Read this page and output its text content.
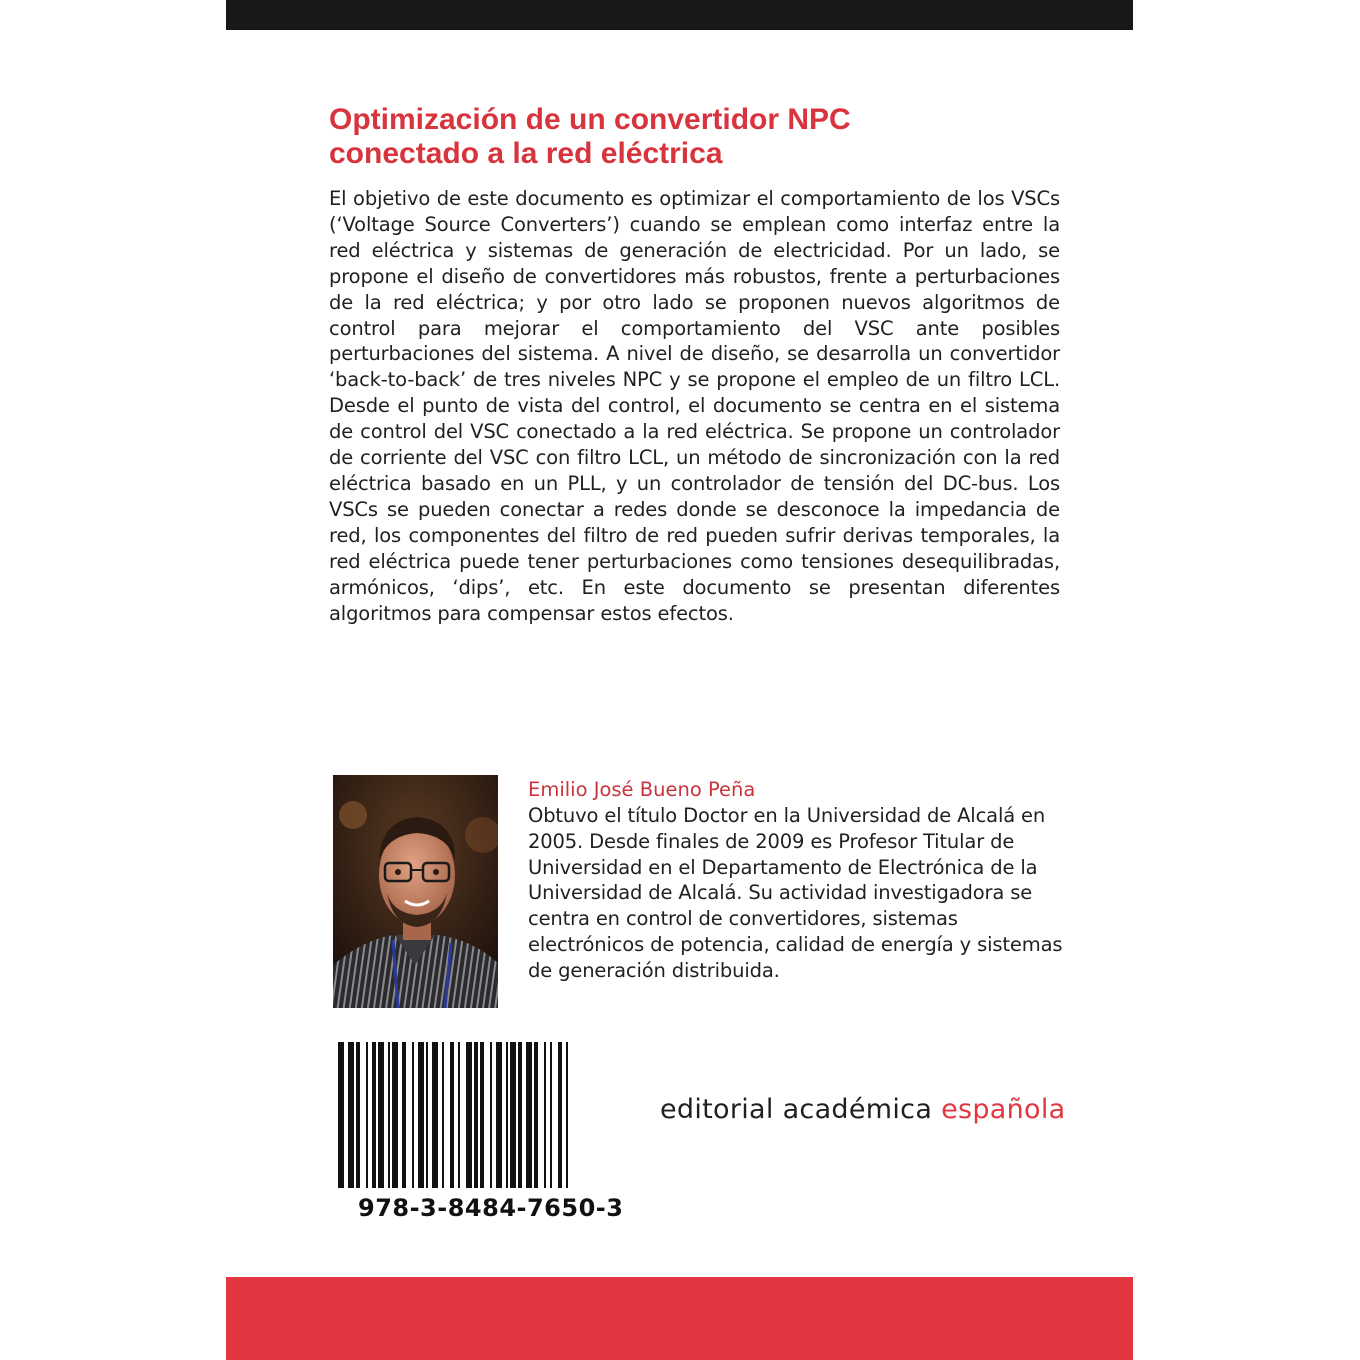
Optimización de un convertidor NPC
conectado a la red eléctrica

El objetivo de este documento es optimizar el comportamiento de los VSCs (‘Voltage Source Converters’) cuando se emplean como interfaz entre la red eléctrica y sistemas de generación de electricidad. Por un lado, se propone el diseño de convertidores más robustos, frente a perturbaciones de la red eléctrica; y por otro lado se proponen nuevos algoritmos de control para mejorar el comportamiento del VSC ante posibles perturbaciones del sistema. A nivel de diseño, se desarrolla un convertidor ‘back-to-back’ de tres niveles NPC y se propone el empleo de un filtro LCL. Desde el punto de vista del control, el documento se centra en el sistema de control del VSC conectado a la red eléctrica. Se propone un controlador de corriente del VSC con filtro LCL, un método de sincronización con la red eléctrica basado en un PLL, y un controlador de tensión del DC-bus. Los VSCs se pueden conectar a redes donde se desconoce la impedancia de red, los componentes del filtro de red pueden sufrir derivas temporales, la red eléctrica puede tener perturbaciones como tensiones desequilibradas, armónicos, ‘dips’, etc. En este documento se presentan diferentes algoritmos para compensar estos efectos.

Emilio José Bueno Peña

Obtuvo el título Doctor en la Universidad de Alcalá en 2005. Desde finales de 2009 es Profesor Titular de Universidad en el Departamento de Electrónica de la Universidad de Alcalá. Su actividad investigadora se centra en control de convertidores, sistemas electrónicos de potencia, calidad de energía y sistemas de generación distribuida.

978-3-8484-7650-3
editorial académica española
